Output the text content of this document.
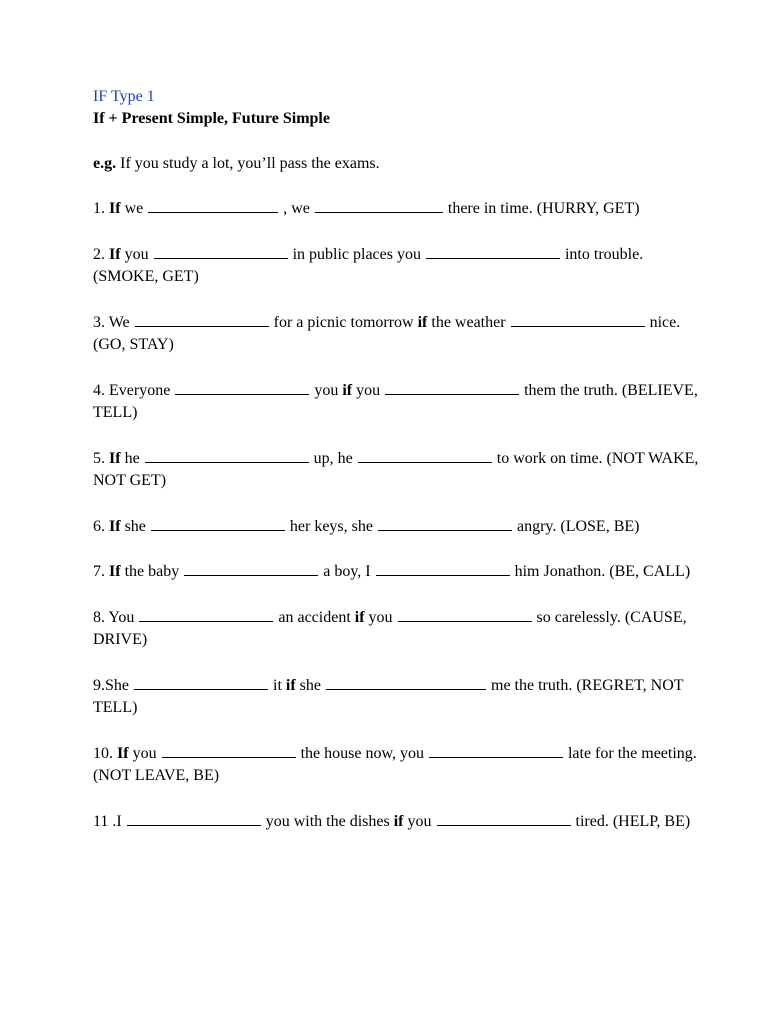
IF Type 1
If + Present Simple, Future Simple
e.g. If you study a lot, you’ll pass the exams.
1. If we	, we	there in time. (HURRY, GET)
2. If you	in public places you	into trouble. (SMOKE, GET)
3. We	for a picnic tomorrow if the weather	nice. (GO, STAY)
4. Everyone	you if you	them the truth. (BELIEVE, TELL)
5. If he	up, he	to work on time. (NOT WAKE, NOT GET)
6. If she	her keys, she	angry. (LOSE, BE)
7. If the baby	a boy, I	him Jonathon. (BE, CALL)
8. You	an accident if you	so carelessly. (CAUSE, DRIVE)
9.She	it if she	me the truth. (REGRET, NOT TELL)
10. If you	the house now, you	late for the meeting. (NOT LEAVE, BE)
11 .I	you with the dishes if you	tired. (HELP, BE)
